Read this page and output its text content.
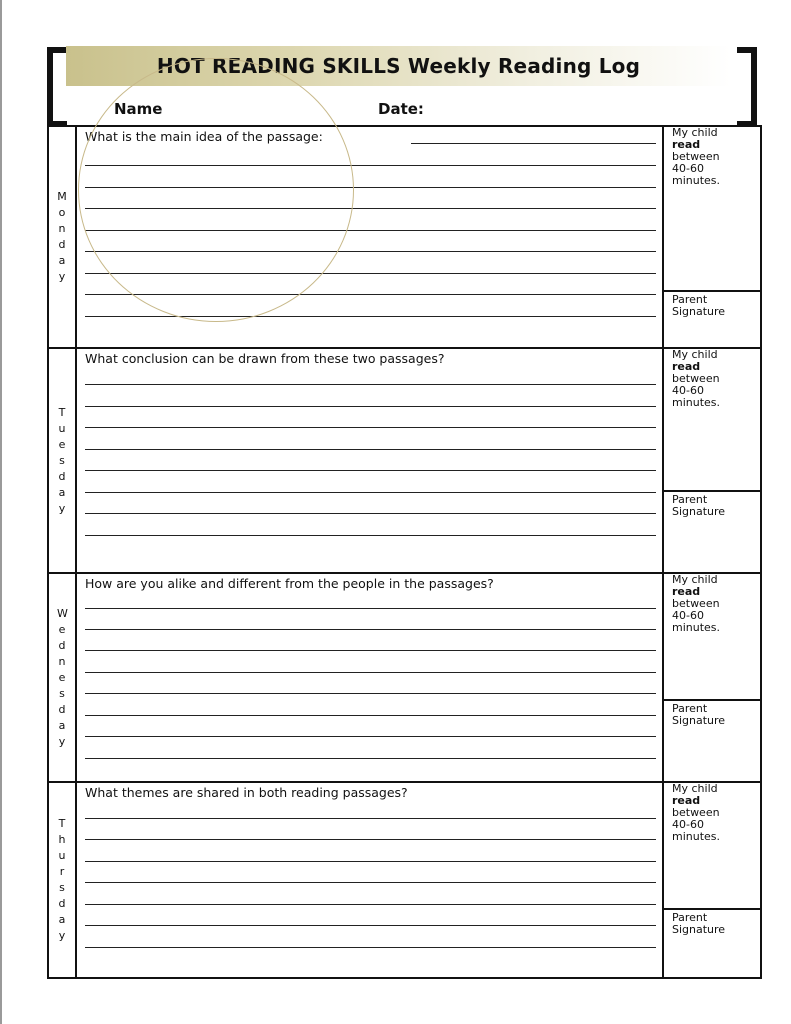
HOT READING SKILLS Weekly Reading Log
Name	Date:
Monday
What is the main idea of the passage:	My child
read
between
40-60
minutes.
Parent
Signature
Tuesday
What conclusion can be drawn from these two passages?	My child
read
between
40-60
minutes.
Parent
Signature
Wednesday
How are you alike and different from the people in the passages?	My child
read
between
40-60
minutes.
Parent
Signature
Thursday
What themes are shared in both reading passages?	My child
read
between
40-60
minutes.
Parent
Signature
